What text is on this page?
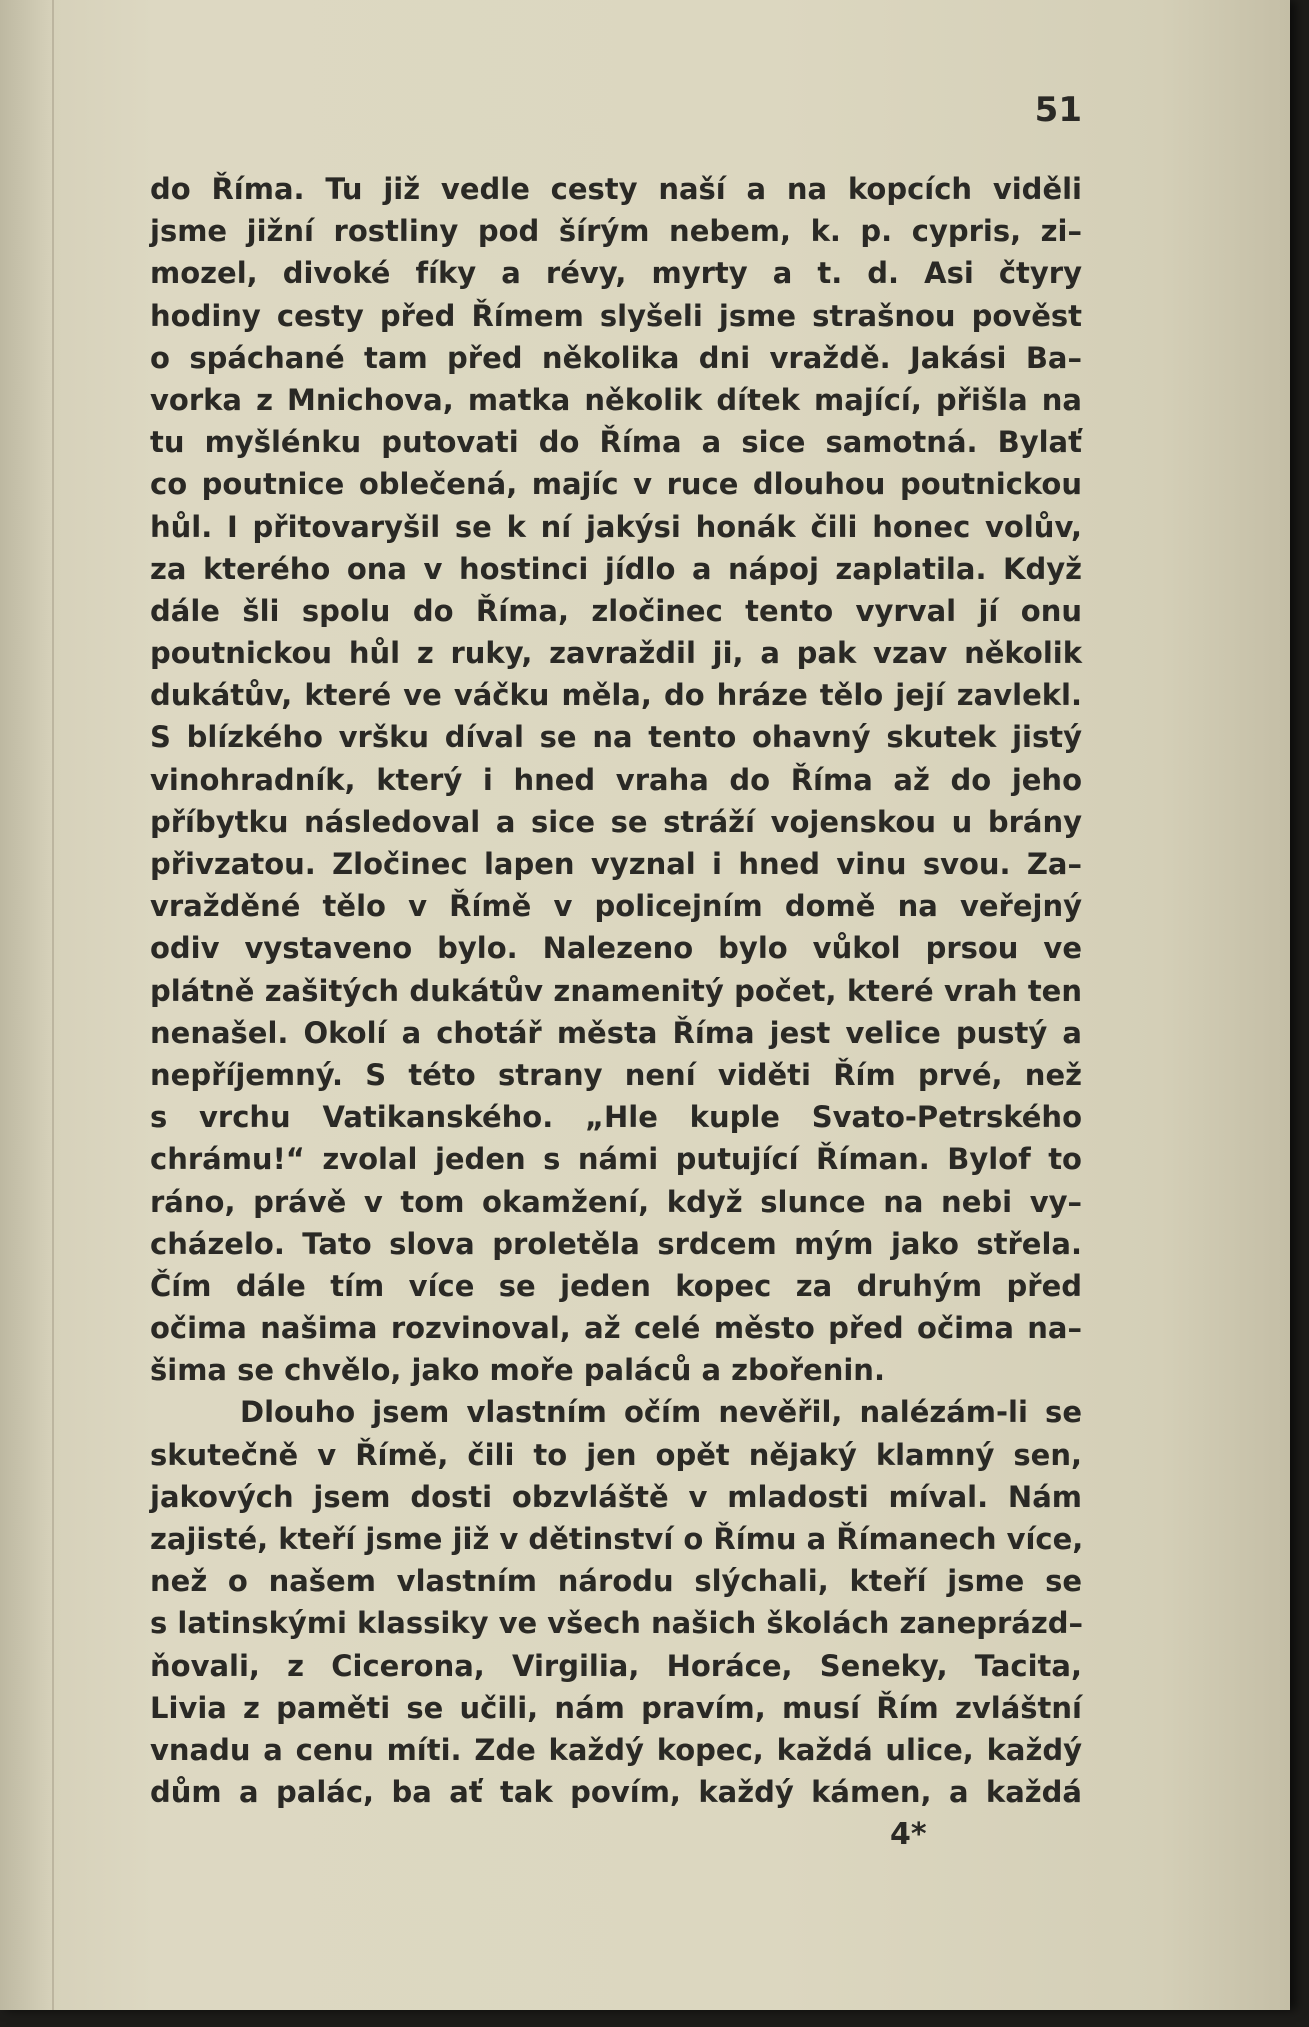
51
do Říma. Tu již vedle cesty naší a na kopcích viděli
jsme jižní rostliny pod šírým nebem, k. p. cypris, zi–
mozel, divoké fíky a révy, myrty a t. d. Asi čtyry
hodiny cesty před Římem slyšeli jsme strašnou pověst
o spáchané tam před několika dni vraždě. Jakási Ba–
vorka z Mnichova, matka několik dítek mající, přišla na
tu myšlénku putovati do Říma a sice samotná. Bylať
co poutnice oblečená, majíc v ruce dlouhou poutnickou
hůl. I přitovaryšil se k ní jakýsi honák čili honec volův,
za kterého ona v hostinci jídlo a nápoj zaplatila. Když
dále šli spolu do Říma, zločinec tento vyrval jí onu
poutnickou hůl z ruky, zavraždil ji, a pak vzav několik
dukátův, které ve váčku měla, do hráze tělo její zavlekl.
S blízkého vršku díval se na tento ohavný skutek jistý
vinohradník, který i hned vraha do Říma až do jeho
příbytku následoval a sice se stráží vojenskou u brány
přivzatou. Zločinec lapen vyznal i hned vinu svou. Za–
vražděné tělo v Římě v policejním domě na veřejný
odiv vystaveno bylo. Nalezeno bylo vůkol prsou ve
plátně zašitých dukátův znamenitý počet, které vrah ten
nenašel. Okolí a chotář města Říma jest velice pustý a
nepříjemný. S této strany není viděti Řím prvé, než
s vrchu Vatikanského. „Hle kuple Svato-Petrského
chrámu!“ zvolal jeden s námi putující Říman. Bylof to
ráno, právě v tom okamžení, když slunce na nebi vy–
cházelo. Tato slova proletěla srdcem mým jako střela.
Čím dále tím více se jeden kopec za druhým před
očima našima rozvinoval, až celé město před očima na–
šima se chvělo, jako moře paláců a zbořenin.
Dlouho jsem vlastním očím nevěřil, nalézám-li se
skutečně v Římě, čili to jen opět nějaký klamný sen,
jakových jsem dosti obzvláště v mladosti míval. Nám
zajisté, kteří jsme již v dětinství o Římu a Římanech více,
než o našem vlastním národu slýchali, kteří jsme se
s latinskými klassiky ve všech našich školách zaneprázd–
ňovali, z Cicerona, Virgilia, Horáce, Seneky, Tacita,
Livia z paměti se učili, nám pravím, musí Řím zvláštní
vnadu a cenu míti. Zde každý kopec, každá ulice, každý
dům a palác, ba ať tak povím, každý kámen, a každá
4*
